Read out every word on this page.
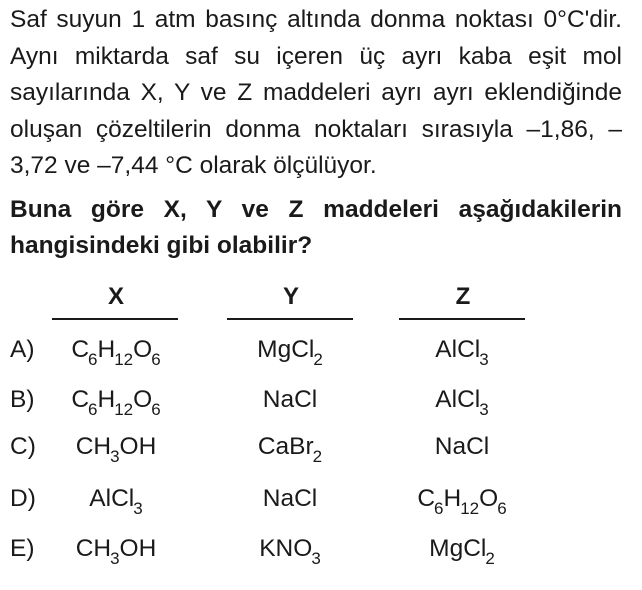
Saf suyun 1 atm basınç altında donma noktası 0°C'dir. Aynı miktarda saf su içeren üç ayrı kaba eşit mol sayılarında X, Y ve Z maddeleri ayrı ayrı eklendiğinde oluşan çözeltilerin donma noktaları sırasıyla –1,86, –3,72 ve –7,44 °C olarak ölçülüyor.

Buna göre X, Y ve Z maddeleri aşağıdakilerin hangisindeki gibi olabilir?

X	Y	Z
A) $C_6H_{12}O_6$	MgCl$_2$	AlCl$_3$
B) $C_6H_{12}O_6$	NaCl	AlCl$_3$
C) $CH_3OH$	CaBr$_2$	NaCl
D) AlCl$_3$	NaCl	$C_6H_{12}O_6$
E) $CH_3OH$	$KNO_3$	MgCl$_2$
